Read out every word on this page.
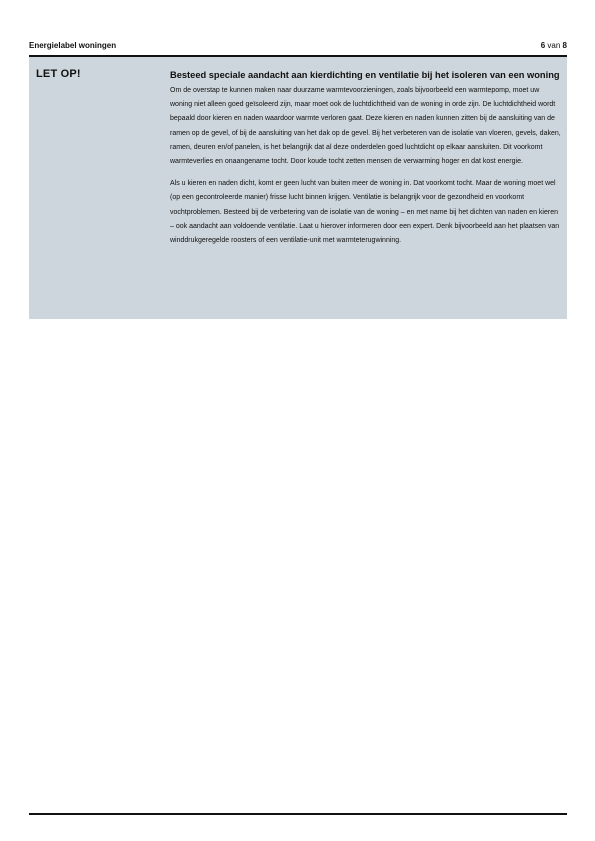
Energielabel woningen	6 van 8
LET OP!	Besteed speciale aandacht aan kierdichting en ventilatie bij het isoleren van een woning

Om de overstap te kunnen maken naar duurzame warmtevoorzieningen, zoals bijvoorbeeld een warmtepomp, moet uw woning niet alleen goed geïsoleerd zijn, maar moet ook de luchtdichtheid van de woning in orde zijn. De luchtdichtheid wordt bepaald door kieren en naden waardoor warmte verloren gaat. Deze kieren en naden kunnen zitten bij de aansluiting van de ramen op de gevel, of bij de aansluiting van het dak op de gevel. Bij het verbeteren van de isolatie van vloeren, gevels, daken, ramen, deuren en/of panelen, is het belangrijk dat al deze onderdelen goed luchtdicht op elkaar aansluiten. Dit voorkomt warmteverlies en onaangename tocht. Door koude tocht zetten mensen de verwarming hoger en dat kost energie.

Als u kieren en naden dicht, komt er geen lucht van buiten meer de woning in. Dat voorkomt tocht. Maar de woning moet wel (op een gecontroleerde manier) frisse lucht binnen krijgen. Ventilatie is belangrijk voor de gezondheid en voorkomt vochtproblemen. Besteed bij de verbetering van de isolatie van de woning – en met name bij het dichten van naden en kieren – ook aandacht aan voldoende ventilatie. Laat u hierover informeren door een expert. Denk bijvoorbeeld aan het plaatsen van winddrukgeregelde roosters of een ventilatie-unit met warmteterugwinning.
